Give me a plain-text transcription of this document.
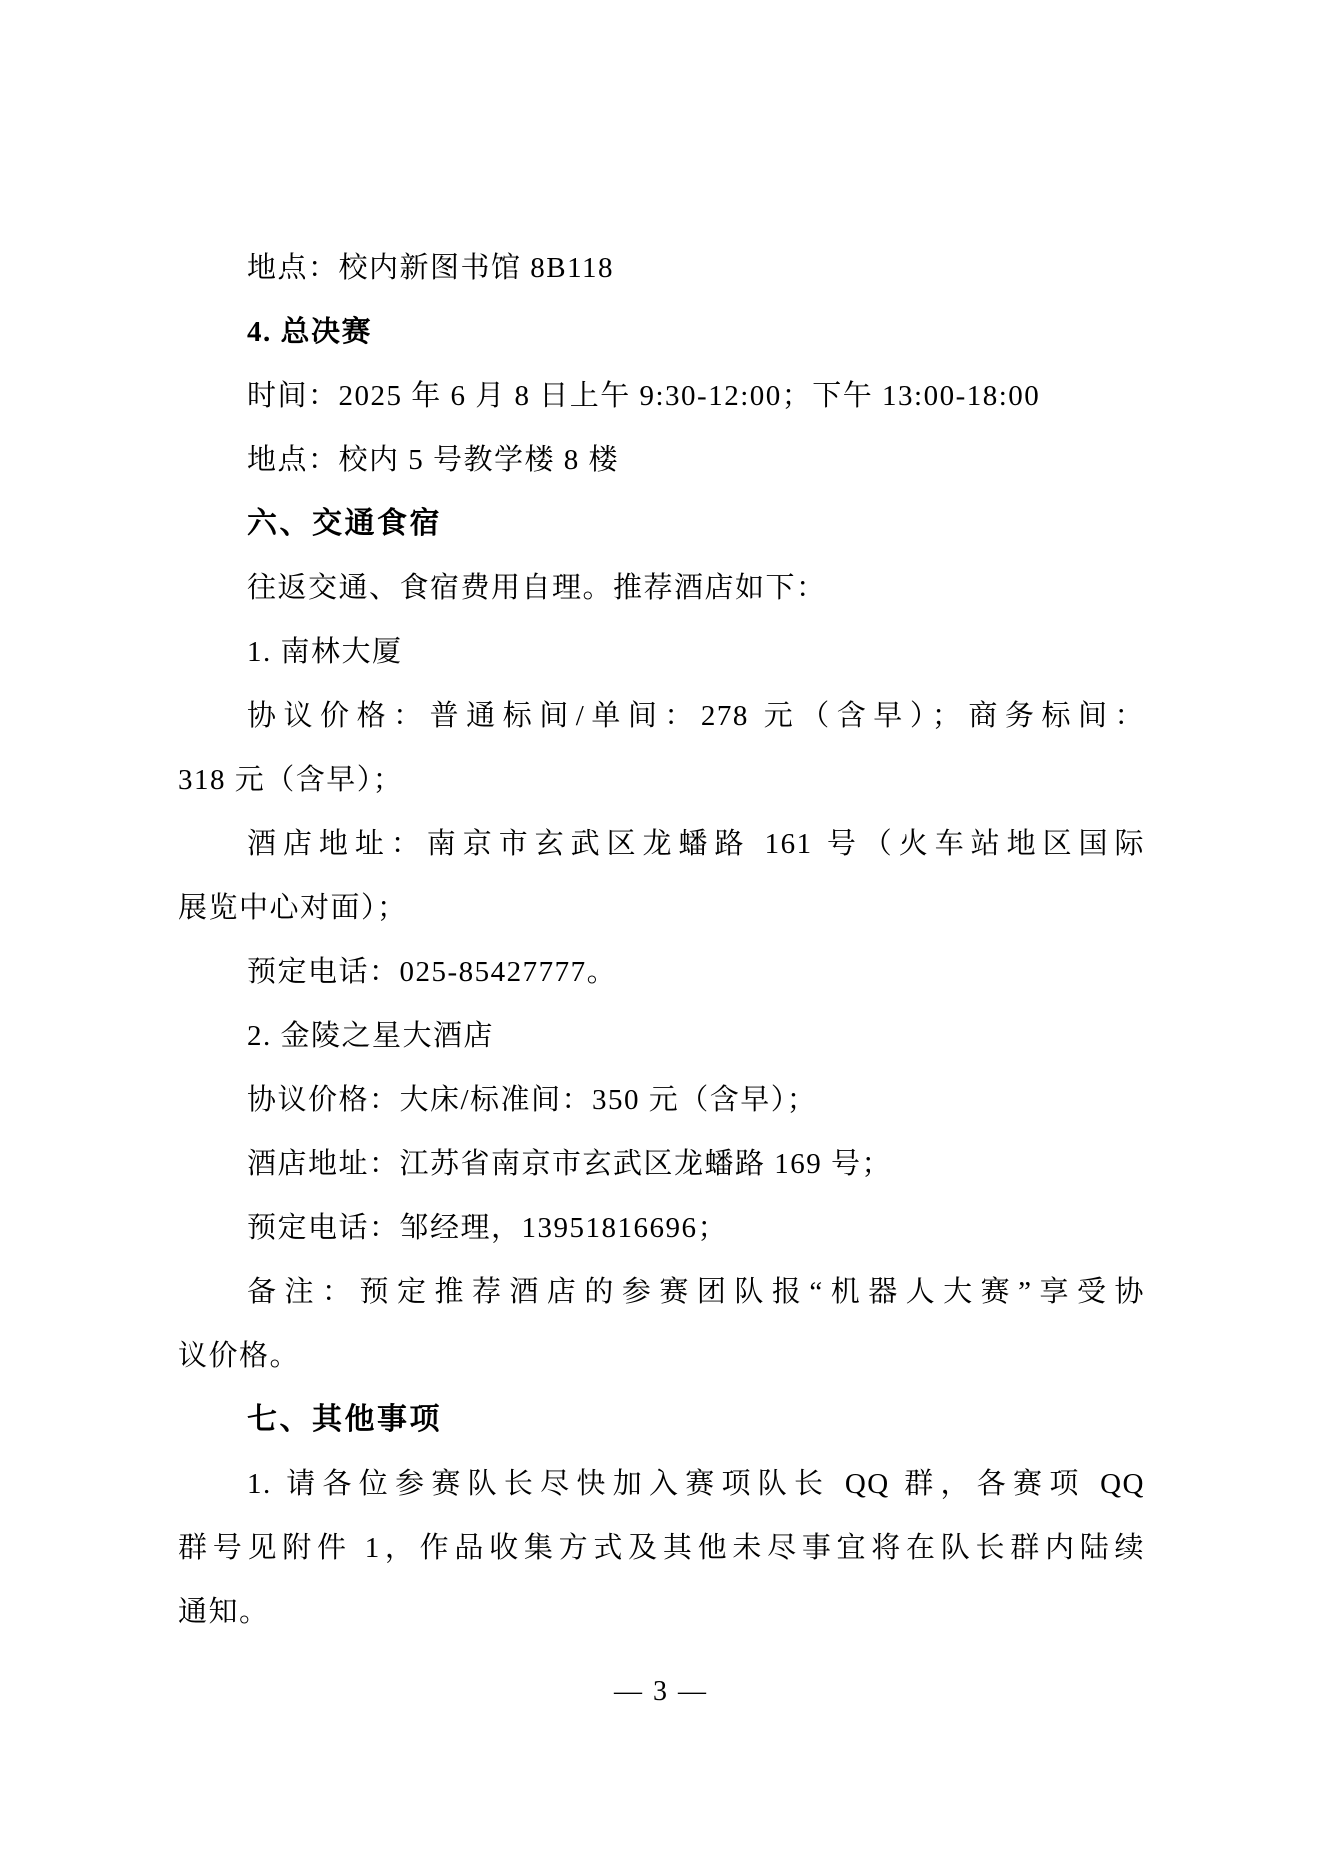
地点：校内新图书馆 8B118
4. 总决赛
时间：2025 年 6 月 8 日上午 9:30-12:00；下午 13:00-18:00
地点：校内 5 号教学楼 8 楼
六、交通食宿
往返交通、食宿费用自理。推荐酒店如下：
1. 南林大厦
协议价格：普通标间/单间：278 元（含早）；商务标间：
318 元（含早）；
酒店地址：南京市玄武区龙蟠路 161 号（火车站地区国际
展览中心对面）；
预定电话：025-85427777。
2. 金陵之星大酒店
协议价格：大床/标准间：350 元（含早）；
酒店地址：江苏省南京市玄武区龙蟠路 169 号；
预定电话：邹经理，13951816696；
备注：预定推荐酒店的参赛团队报“机器人大赛”享受协
议价格。
七、其他事项
1. 请各位参赛队长尽快加入赛项队长 QQ 群，各赛项 QQ
群号见附件 1，作品收集方式及其他未尽事宜将在队长群内陆续
通知。
— 3 —
